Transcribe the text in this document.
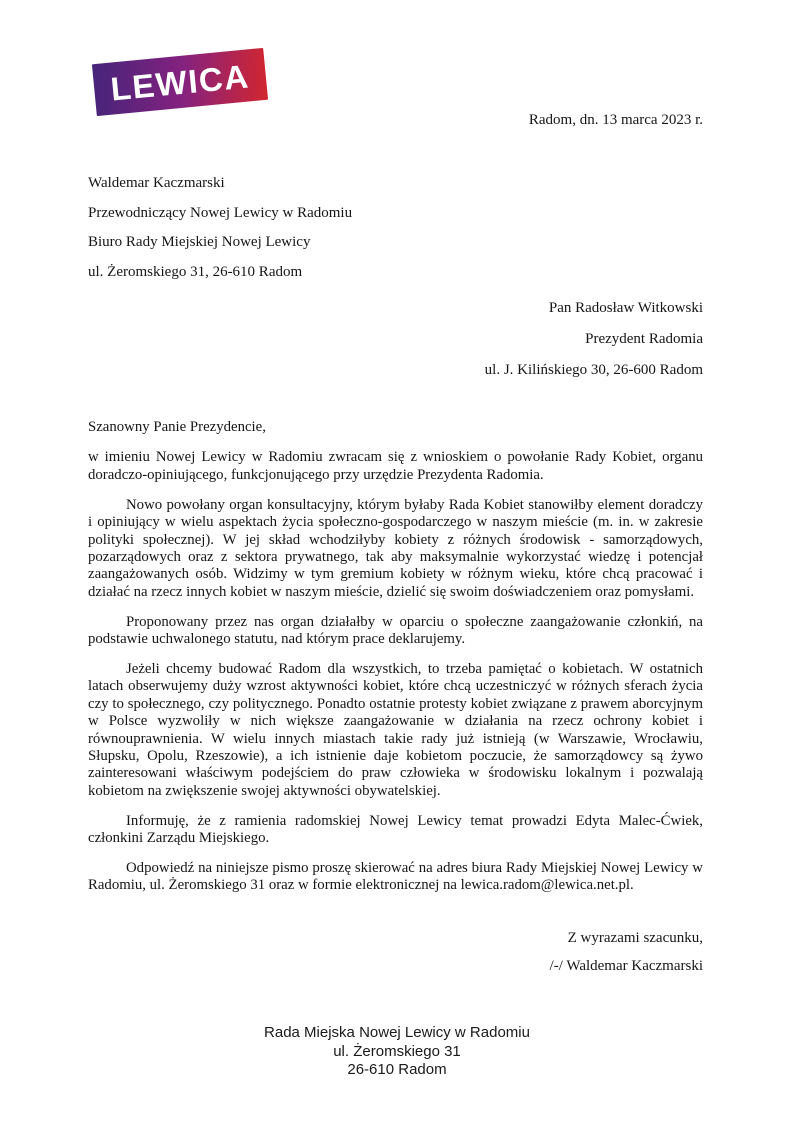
LEWICA
Radom, dn. 13 marca 2023 r.
Waldemar Kaczmarski
Przewodniczący Nowej Lewicy w Radomiu
Biuro Rady Miejskiej Nowej Lewicy
ul. Żeromskiego 31, 26-610 Radom
Pan Radosław Witkowski
Prezydent Radomia
ul. J. Kilińskiego 30, 26-600 Radom
Szanowny Panie Prezydencie,

w imieniu Nowej Lewicy w Radomiu zwracam się z wnioskiem o powołanie Rady Kobiet, organu doradczo-opiniującego, funkcjonującego przy urzędzie Prezydenta Radomia.

Nowo powołany organ konsultacyjny, którym byłaby Rada Kobiet stanowiłby element doradczy i opiniujący w wielu aspektach życia społeczno-gospodarczego w naszym mieście (m. in. w zakresie polityki społecznej). W jej skład wchodziłyby kobiety z różnych środowisk - samorządowych, pozarządowych oraz z sektora prywatnego, tak aby maksymalnie wykorzystać wiedzę i potencjał zaangażowanych osób. Widzimy w tym gremium kobiety w różnym wieku, które chcą pracować i działać na rzecz innych kobiet w naszym mieście, dzielić się swoim doświadczeniem oraz pomysłami.

Proponowany przez nas organ działałby w oparciu o społeczne zaangażowanie członkiń, na podstawie uchwalonego statutu, nad którym prace deklarujemy.

Jeżeli chcemy budować Radom dla wszystkich, to trzeba pamiętać o kobietach. W ostatnich latach obserwujemy duży wzrost aktywności kobiet, które chcą uczestniczyć w różnych sferach życia czy to społecznego, czy politycznego. Ponadto ostatnie protesty kobiet związane z prawem aborcyjnym w Polsce wyzwoliły w nich większe zaangażowanie w działania na rzecz ochrony kobiet i równouprawnienia. W wielu innych miastach takie rady już istnieją (w Warszawie, Wrocławiu, Słupsku, Opolu, Rzeszowie), a ich istnienie daje kobietom poczucie, że samorządowcy są żywo zainteresowani właściwym podejściem do praw człowieka w środowisku lokalnym i pozwalają kobietom na zwiększenie swojej aktywności obywatelskiej.

Informuję, że z ramienia radomskiej Nowej Lewicy temat prowadzi Edyta Malec-Ćwiek, członkini Zarządu Miejskiego.

Odpowiedź na niniejsze pismo proszę skierować na adres biura Rady Miejskiej Nowej Lewicy w Radomiu, ul. Żeromskiego 31 oraz w formie elektronicznej na lewica.radom@lewica.net.pl.

Z wyrazami szacunku,
/-/ Waldemar Kaczmarski
Rada Miejska Nowej Lewicy w Radomiu
ul. Żeromskiego 31
26-610 Radom
